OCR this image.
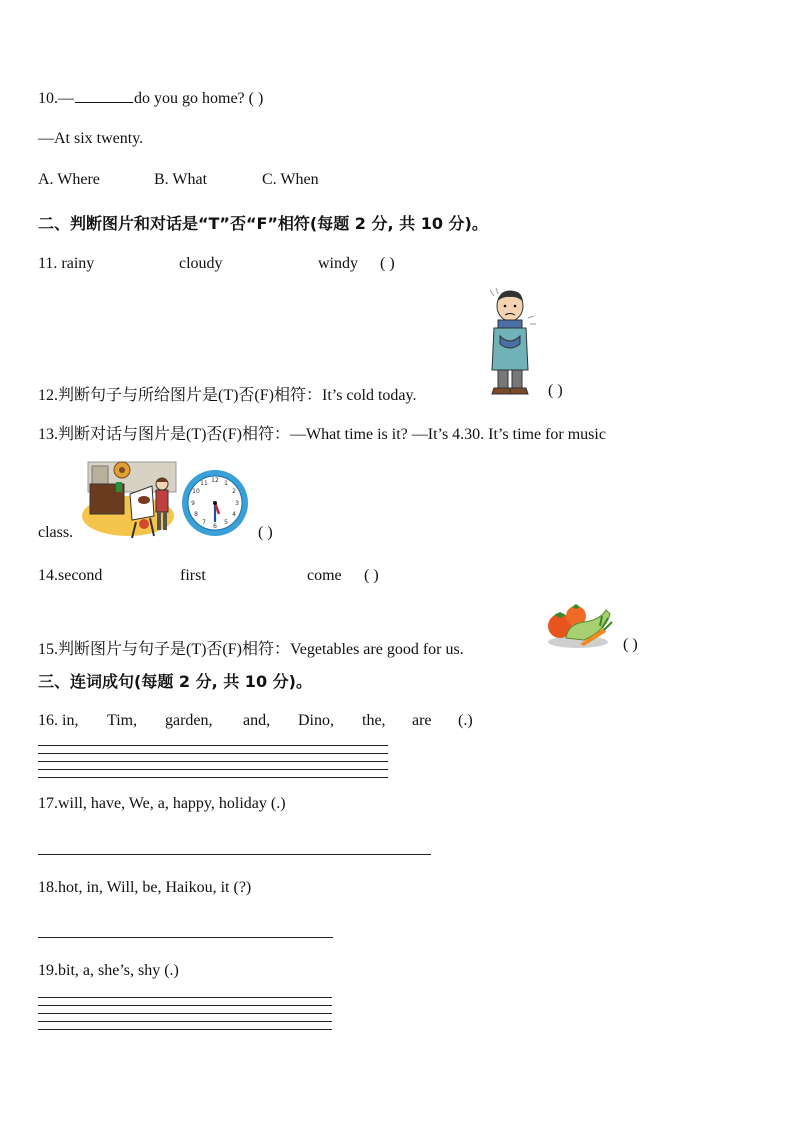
10.—	do you go home? ( )
—At six twenty.
A. Where	B. What	C. When
二、判断图片和对话是“T”否“F”相符(每题 2 分, 共 10 分)。
11. rainy	cloudy	windy ( )
12.判断句子与所给图片是(T)否(F)相符：It’s cold today.	( )
13.判断对话与图片是(T)否(F)相符：—What time is it? —It’s 4.30. It’s time for music
12 1
2
3
4
5
6
7
8
9
10
11
class.	( )
14.second	first	come ( )
15.判断图片与句子是(T)否(F)相符：Vegetables are good for us.	( )
三、连词成句(每题 2 分, 共 10 分)。
16. in, Tim, garden, and, Dino, the, are (.)
17.will, have, We, a, happy, holiday (.)
18.hot, in, Will, be, Haikou, it (?)
19.bit, a, she’s, shy (.)
